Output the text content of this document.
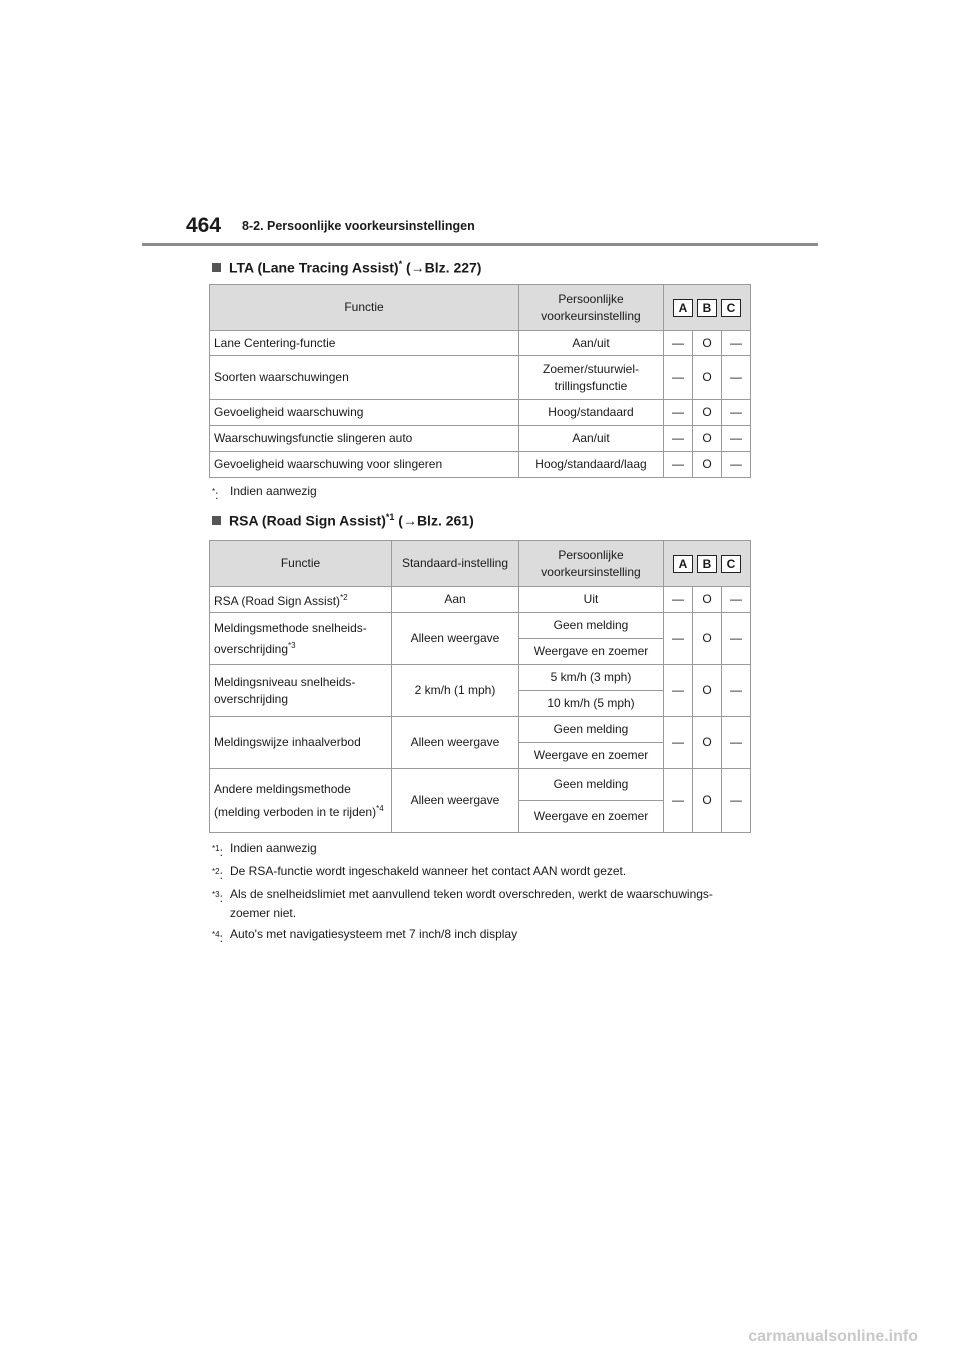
464 8-2. Persoonlijke voorkeursinstellingen
LTA (Lane Tracing Assist)* (→Blz. 227)
Functie	Persoonlijke voorkeursinstelling	A B C		
Lane Centering-functie	Aan/uit	—	O	—
Soorten waarschuwingen	Zoemer/stuurwiel-trillingsfunctie	—	O	—
Gevoeligheid waarschuwing	Hoog/standaard	—	O	—
Waarschuwingsfunctie slingeren auto	Aan/uit	—	O	—
Gevoeligheid waarschuwing voor slingeren	Hoog/standaard/laag	—	O	—
*: Indien aanwezig
RSA (Road Sign Assist)$^{*1}$ (→Blz. 261)
Functie	Standaard-instelling	Persoonlijke voorkeursinstelling	A B C		
RSA (Road Sign Assist)$^{*2}$	Aan	Uit	—	O	—
Meldingsmethode snelheids-overschrijding$^{*3}$	Alleen weergave	Geen melding	—	O	—
		Weergave en zoemer			
Meldingsniveau snelheids-overschrijding	2 km/h (1 mph)	5 km/h (3 mph)	—	O	—
		10 km/h (5 mph)			
Meldingswijze inhaalverbod	Alleen weergave	Geen melding	—	O	—
		Weergave en zoemer			
Andere meldingsmethode (melding verboden in te rijden)$^{*4}$	Alleen weergave	Geen melding	—	O	—
		Weergave en zoemer			
$^{*1}$: Indien aanwezig
$^{*2}$: De RSA-functie wordt ingeschakeld wanneer het contact AAN wordt gezet.
$^{*3}$: Als de snelheidslimiet met aanvullend teken wordt overschreden, werkt de waarschuwings-zoemer niet.
$^{*4}$: Auto's met navigatiesysteem met 7 inch/8 inch display
carmanualsonline.info
